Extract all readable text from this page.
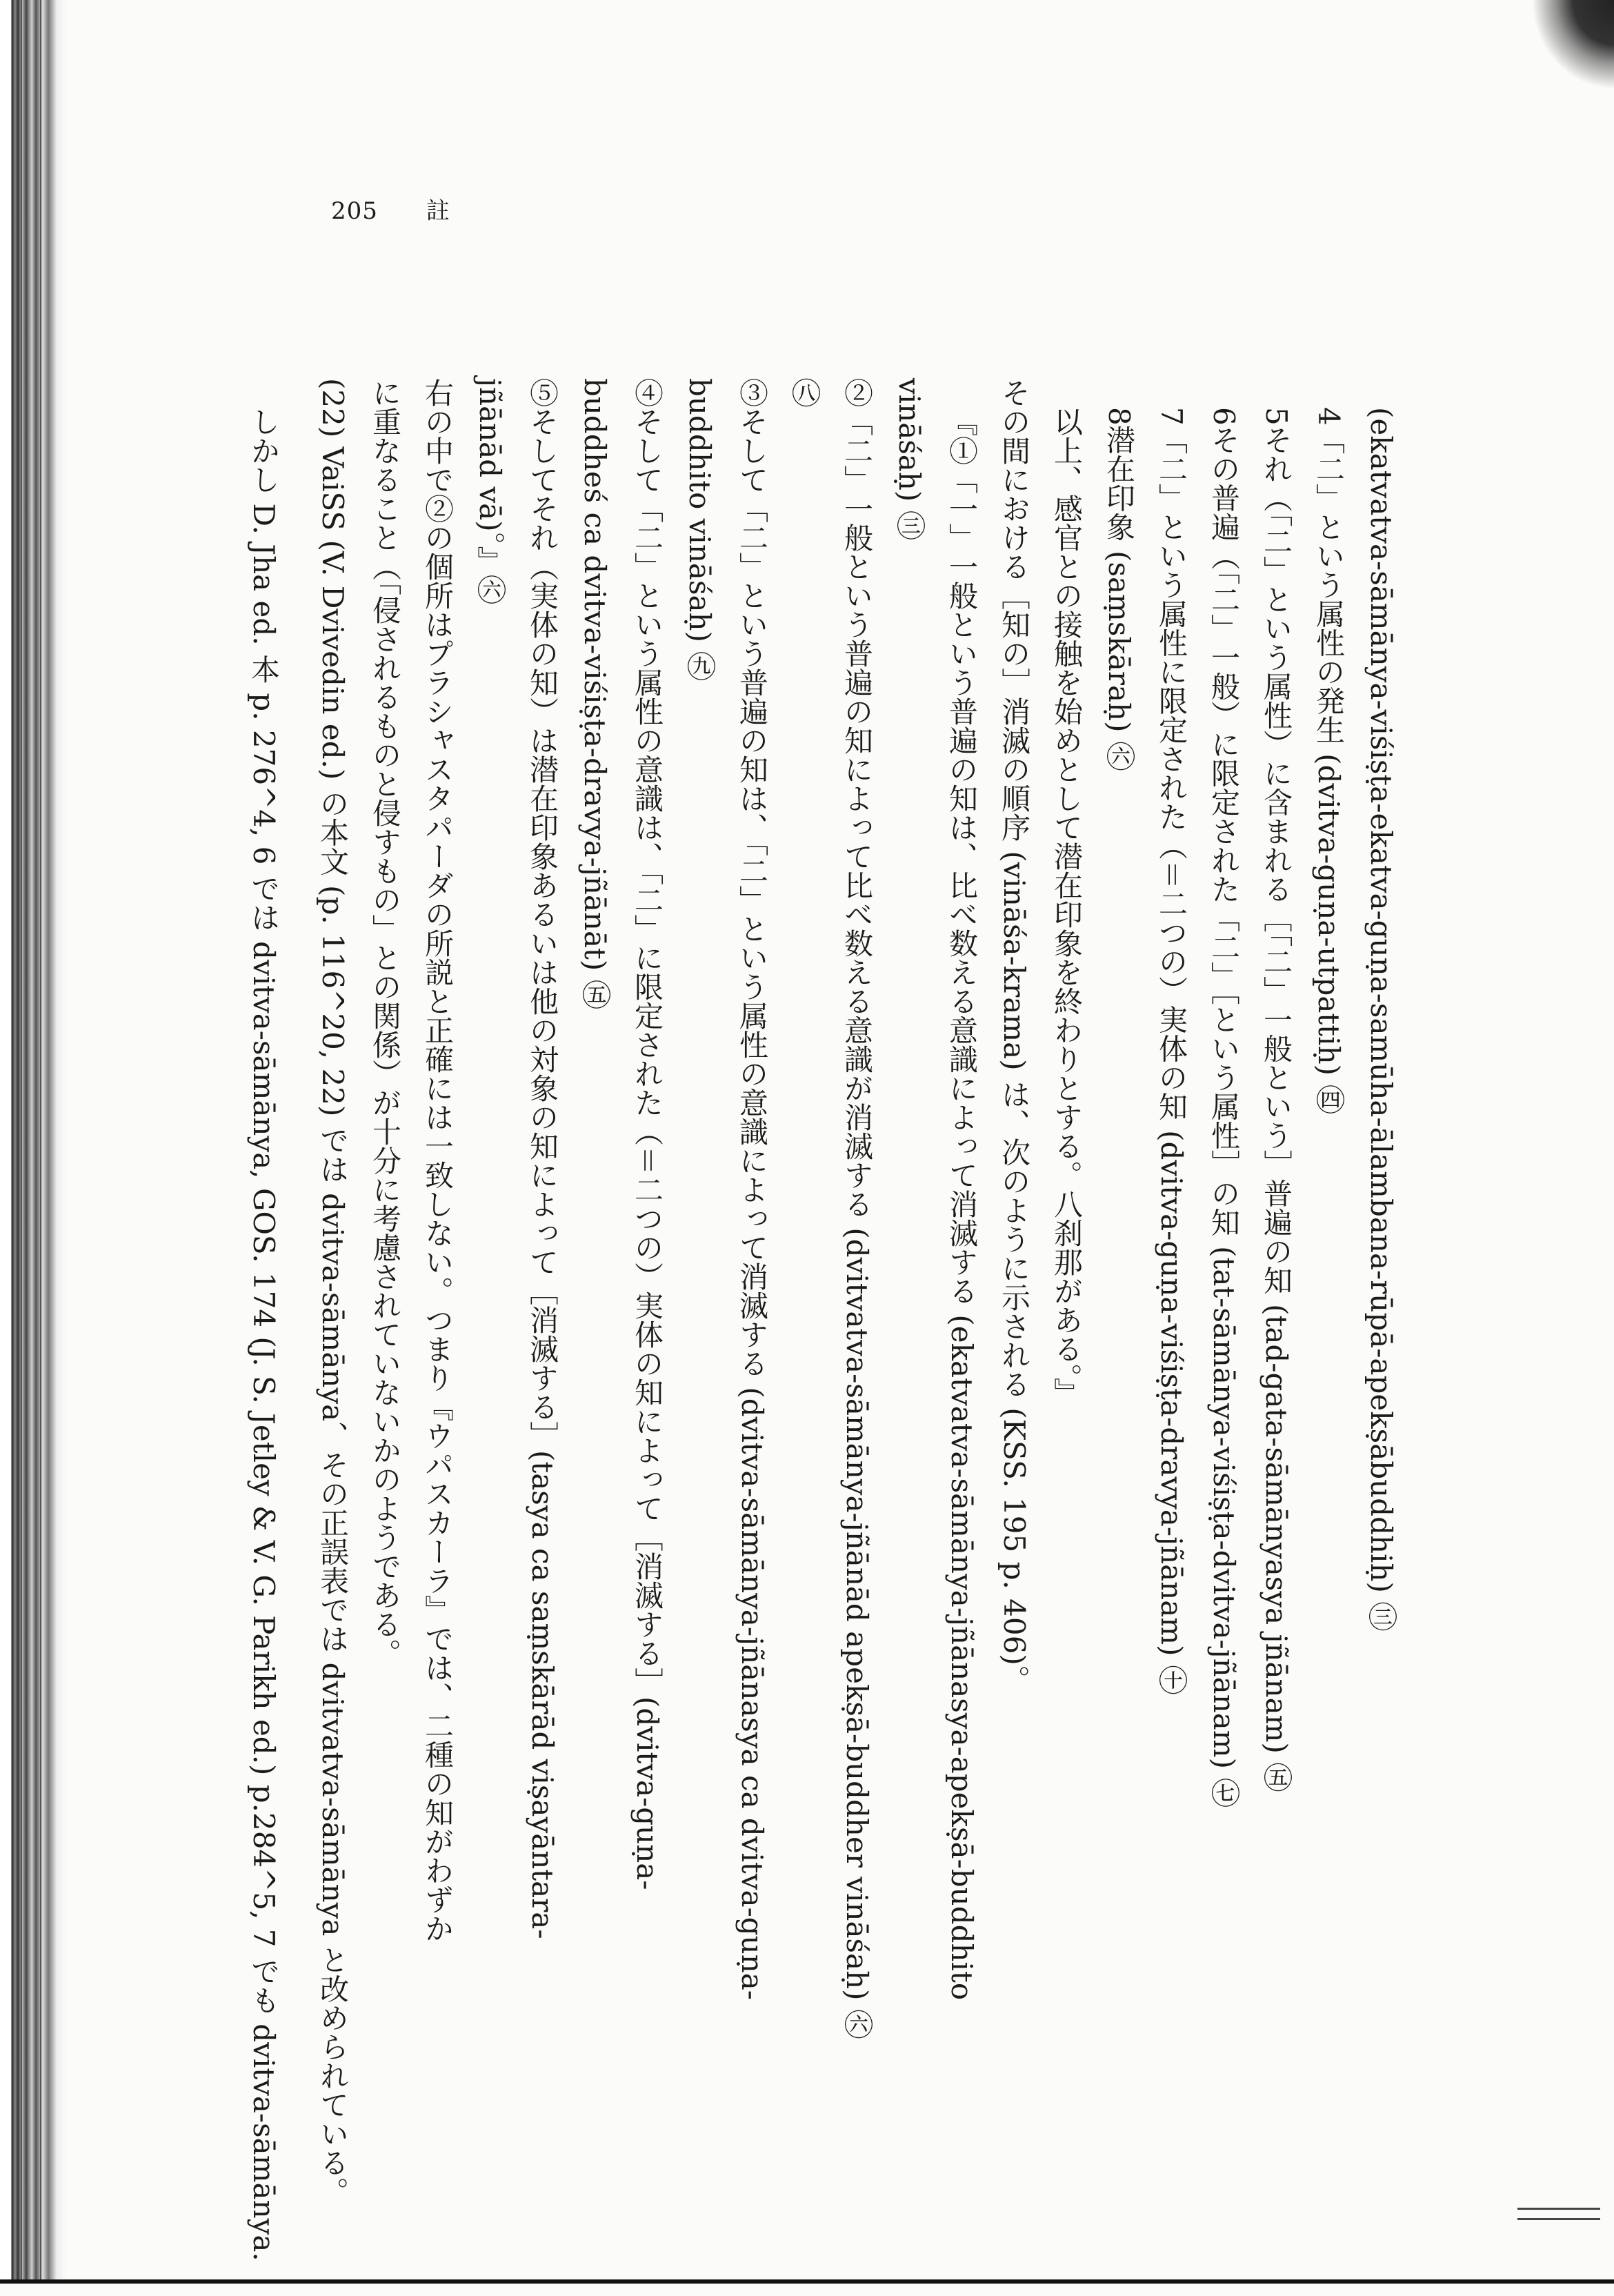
205 註
(ekatvatva-sāmānya-viśiṣṭa-ekatva-guṇa-samūha-ālambana-rūpā-apekṣābuddhiḥ) ㊂
4「二」という属性の発生 (dvitva-guṇa-utpattiḥ) ㊃
5それ（「二」という属性）に含まれる［「二」一般という］普遍の知 (tad-gata-sāmānyasya jñānam) ㊄
6その普遍（「二」一般）に限定された「二」［という属性］の知 (tat-sāmānya-viśiṣṭa-dvitva-jñānam) ㊆
7「二」という属性に限定された（＝二つの）実体の知 (dvitva-guṇa-viśiṣṭa-dravya-jñānam) ㊉
8潜在印象 (saṃskāraḥ) ㊅
以上、感官との接触を始めとして潜在印象を終わりとする。八刹那がある。』
その間における［知の］消滅の順序 (vināśa-krama) は、次のように示される (KSS. 195 p. 406)。
『①「一」一般という普遍の知は、比べ数える意識によって消滅する (ekatvatva-sāmānya-jñānasya-apekṣā-buddhito
vināśaḥ) ㊂
②「二」一般という普遍の知によって比べ数える意識が消滅する (dvitvatva-sāmānya-jñānād apekṣā-buddher vināśaḥ) ㊅
㊇
③そして「二」という普遍の知は、「二」という属性の意識によって消滅する (dvitva-sāmānya-jñānasya ca dvitva-guṇa-
buddhito vināśaḥ) ㊈
④そして「二」という属性の意識は、「二」に限定された（＝二つの）実体の知によって［消滅する］(dvitva-guṇa-
buddheś ca dvitva-viśiṣṭa-dravya-jñānāt) ㊄
⑤そしてそれ（実体の知）は潜在印象あるいは他の対象の知によって［消滅する］(tasya ca saṃskārād viṣayāntara-
jñānād vā)。』㊅
右の中で②の個所はプラシャスタパーダの所説と正確には一致しない。つまり『ウパスカーラ』では、二種の知がわずか
に重なること（「侵されるものと侵すもの」との関係）が十分に考慮されていないかのようである。
(22) VaiSS (V. Dvivedin ed.) の本文 (p. 116^20, 22) では dvitva-sāmānya、その正誤表では dvitvatva-sāmānya と改められている。
しかし D. Jha ed. 本 p. 276^4, 6 では dvitva-sāmānya, GOS. 174 (J. S. Jetley & V. G. Parikh ed.) p.284^5, 7 でも dvitva-sāmānya.
